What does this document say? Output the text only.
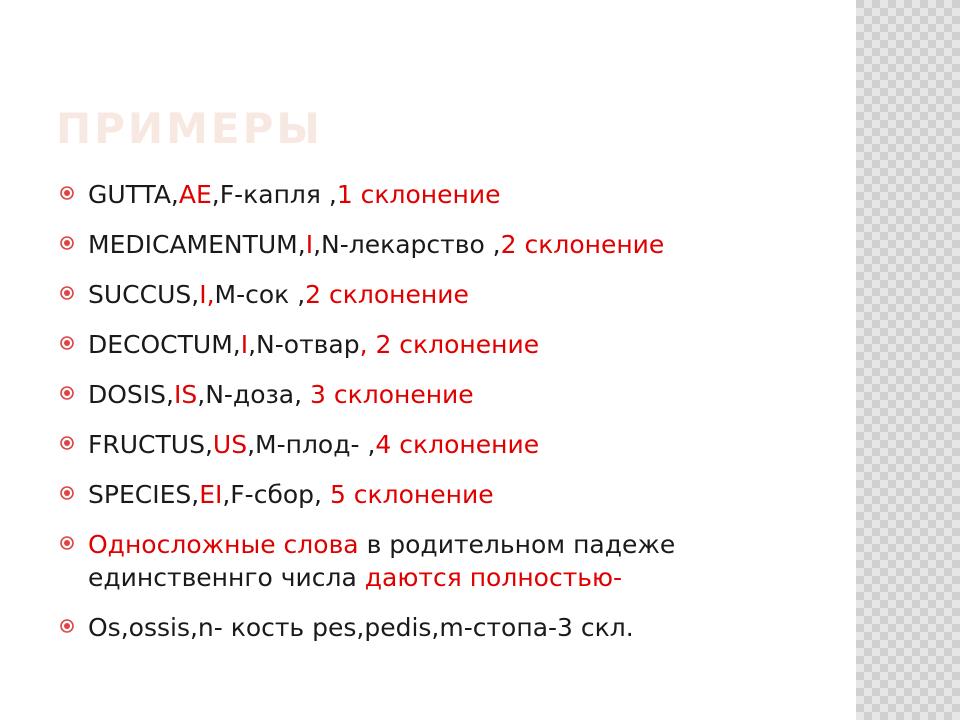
ПРИМЕРЫ
GUTTA,AE,F-капля ,1 склонение
MEDICAMENTUM,I,N-лекарство ,2 склонение
SUCCUS,I,M-сок ,2 склонение
DECOCTUM,I,N-отвар, 2 склонение
DOSIS,IS,N-доза, 3 склонение
FRUCTUS,US,M-плод- ,4 склонение
SPECIES,EI,F-сбор, 5 склонение
Односложные слова в родительном падеже единственнго числа даются полностью-
Os,ossis,n- кость pes,pedis,m-стопа-3 скл.
